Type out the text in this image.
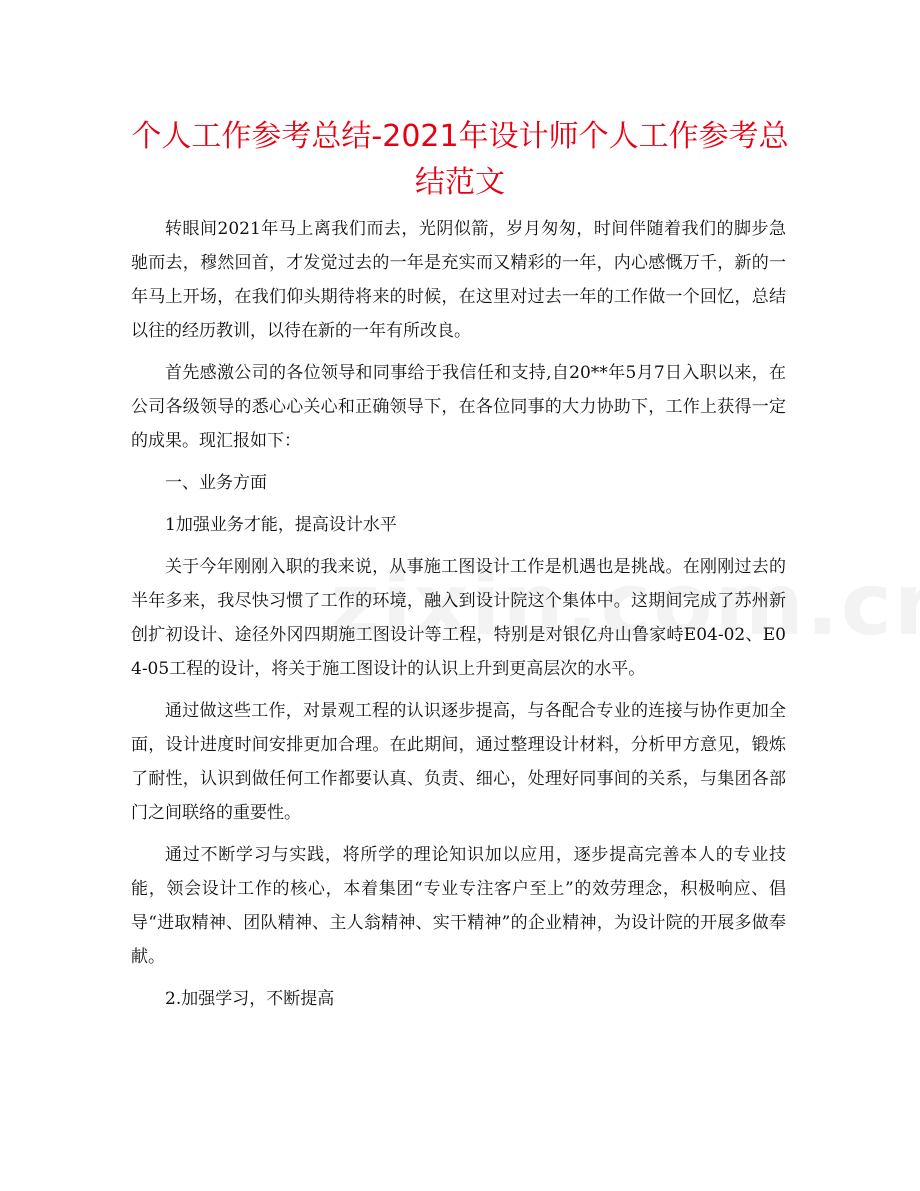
个人工作参考总结-2021年设计师个人工作参考总结范文

转眼间2021年马上离我们而去，光阴似箭，岁月匆匆，时间伴随着我们的脚步急驰而去，穆然回首，才发觉过去的一年是充实而又精彩的一年，内心感慨万千，新的一年马上开场，在我们仰头期待将来的时候，在这里对过去一年的工作做一个回忆，总结以往的经历教训，以待在新的一年有所改良。

首先感激公司的各位领导和同事给于我信任和支持,自20**年5月7日入职以来，在公司各级领导的悉心心关心和正确领导下，在各位同事的大力协助下，工作上获得一定的成果。现汇报如下：

一、业务方面

1加强业务才能，提高设计水平

关于今年刚刚入职的我来说，从事施工图设计工作是机遇也是挑战。在刚刚过去的半年多来，我尽快习惯了工作的环境，融入到设计院这个集体中。这期间完成了苏州新创扩初设计、途径外冈四期施工图设计等工程，特别是对银亿舟山鲁家峙E04-02、E04-05工程的设计，将关于施工图设计的认识上升到更高层次的水平。

通过做这些工作，对景观工程的认识逐步提高，与各配合专业的连接与协作更加全面，设计进度时间安排更加合理。在此期间，通过整理设计材料，分析甲方意见，锻炼了耐性，认识到做任何工作都要认真、负责、细心，处理好同事间的关系，与集团各部门之间联络的重要性。

通过不断学习与实践，将所学的理论知识加以应用，逐步提高完善本人的专业技能，领会设计工作的核心，本着集团“专业专注客户至上”的效劳理念，积极响应、倡导“进取精神、团队精神、主人翁精神、实干精神”的企业精神，为设计院的开展多做奉献。

2.加强学习，不断提高
